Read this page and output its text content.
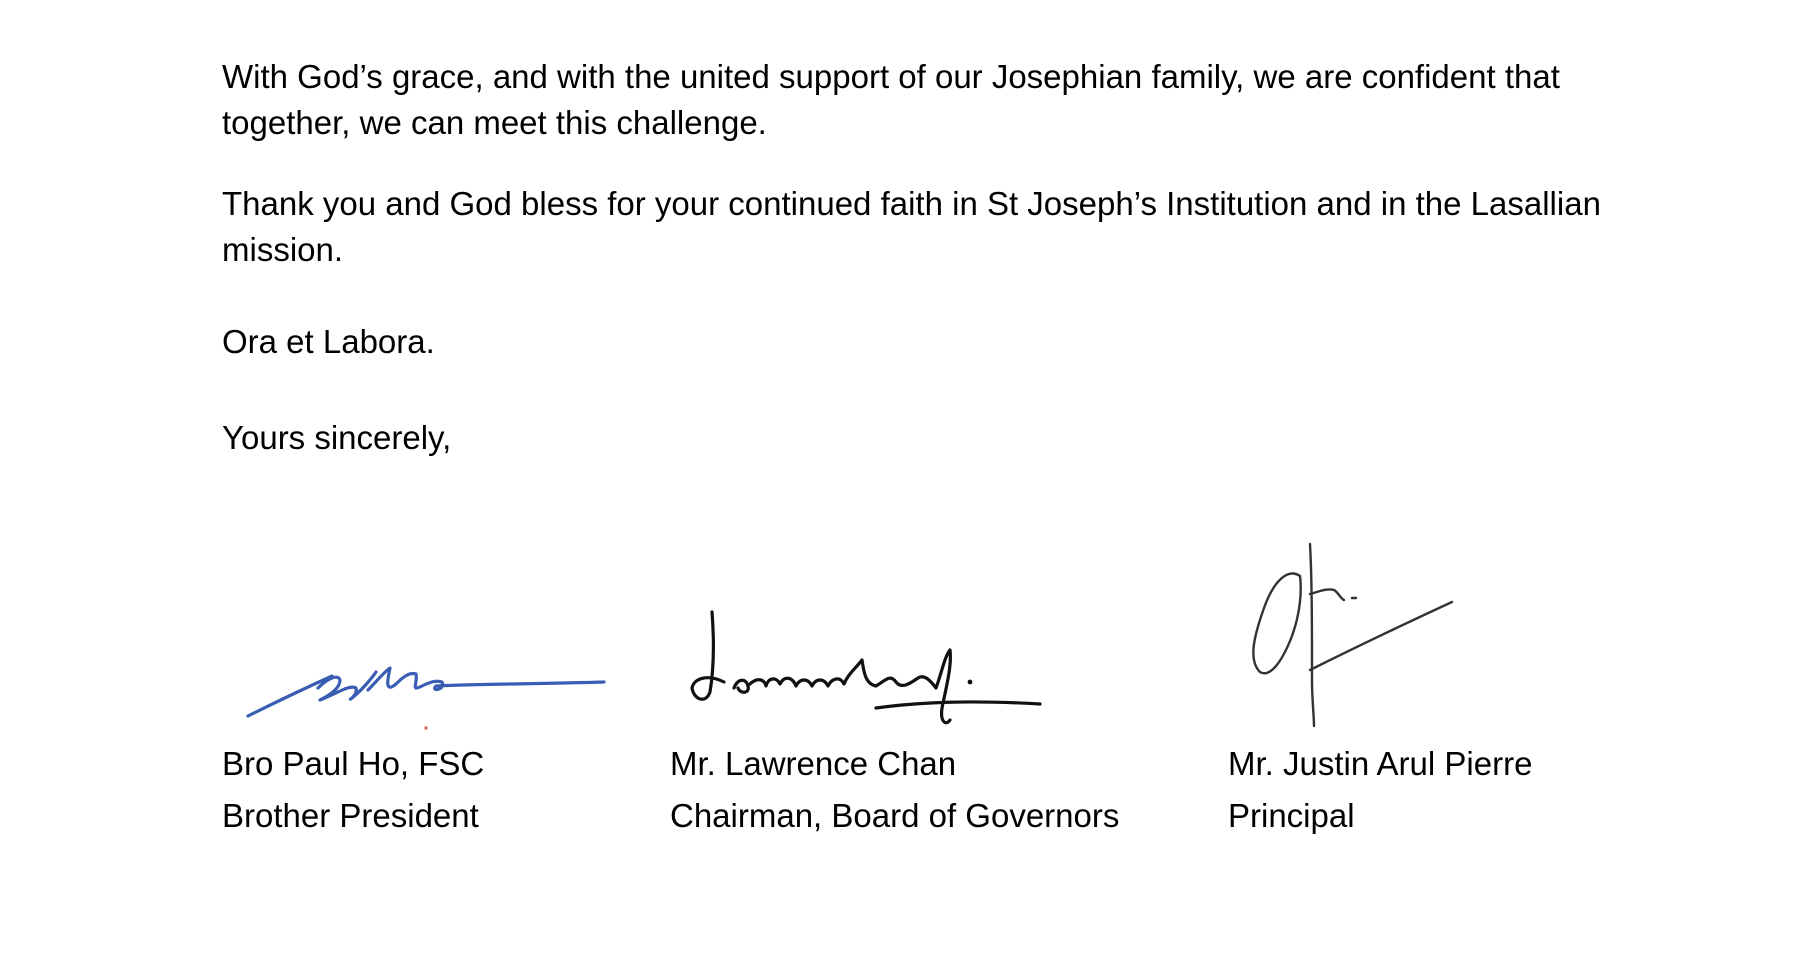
With God’s grace, and with the united support of our Josephian family, we are confident that together, we can meet this challenge.

Thank you and God bless for your continued faith in St Joseph’s Institution and in the Lasallian mission.

Ora et Labora.

Yours sincerely,

Bro Paul Ho, FSC
Brother President
Mr. Lawrence Chan
Chairman, Board of Governors
Mr. Justin Arul Pierre
Principal
